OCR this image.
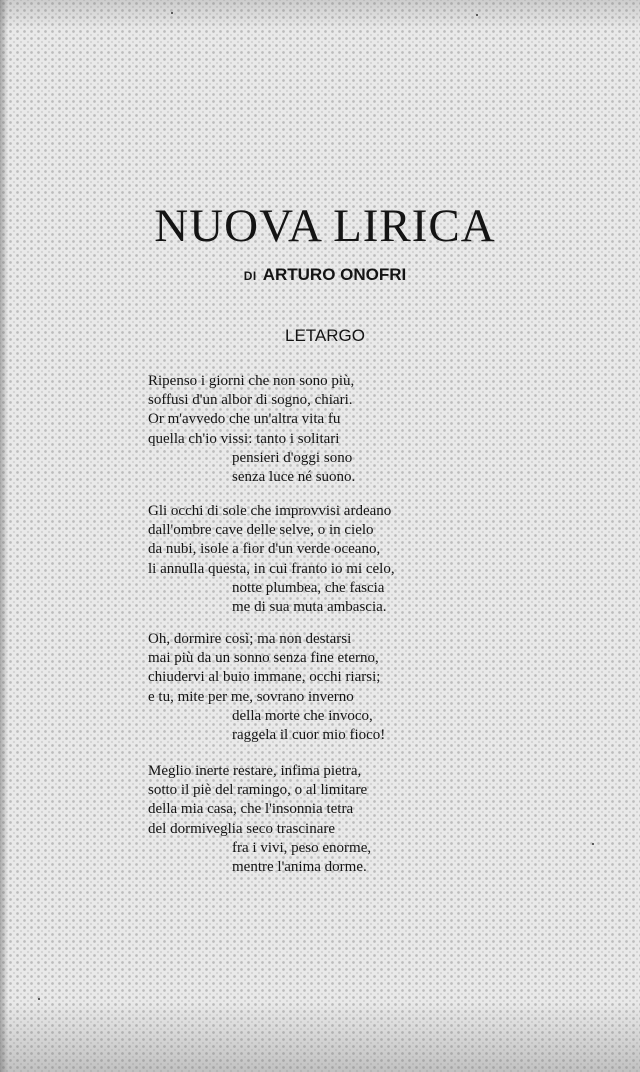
NUOVA LIRICA
DI ARTURO ONOFRI
LETARGO
Ripenso i giorni che non sono più,
soffusi d'un albor di sogno, chiari.
Or m'avvedo che un'altra vita fu
quella ch'io vissi: tanto i solitari
pensieri d'oggi sono
senza luce né suono.
Gli occhi di sole che improvvisi ardeano
dall'ombre cave delle selve, o in cielo
da nubi, isole a fior d'un verde oceano,
li annulla questa, in cui franto io mi celo,
notte plumbea, che fascia
me di sua muta ambascia.
Oh, dormire così; ma non destarsi
mai più da un sonno senza fine eterno,
chiudervi al buio immane, occhi riarsi;
e tu, mite per me, sovrano inverno
della morte che invoco,
raggela il cuor mio fioco!
Meglio inerte restare, infima pietra,
sotto il piè del ramingo, o al limitare
della mia casa, che l'insonnia tetra
del dormiveglia seco trascinare
fra i vivi, peso enorme,
mentre l'anima dorme.
